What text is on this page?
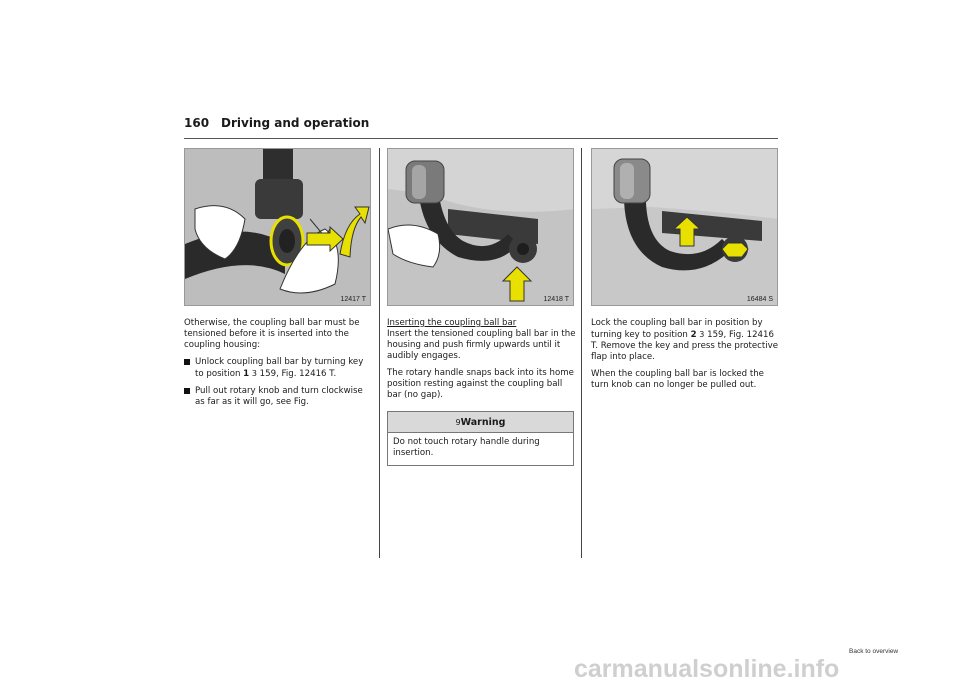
160 Driving and operation
12417 T	12418 T	16484 S

Otherwise, the coupling ball bar must be tensioned before it is inserted into the coupling housing:

Unlock coupling ball bar by turning key to position 1 3 159, Fig. 12416 T.
Pull out rotary knob and turn clockwise as far as it will go, see Fig.
Inserting the coupling ball bar

Insert the tensioned coupling ball bar in the housing and push firmly upwards until it audibly engages.

The rotary handle snaps back into its home position resting against the coupling ball bar (no gap).

9Warning
Do not touch rotary handle during insertion.

Lock the coupling ball bar in position by turning key to position 2 3 159, Fig. 12416 T. Remove the key and press the protective flap into place.

When the coupling ball bar is locked the turn knob can no longer be pulled out.

Back to overview
carmanualsonline.info
